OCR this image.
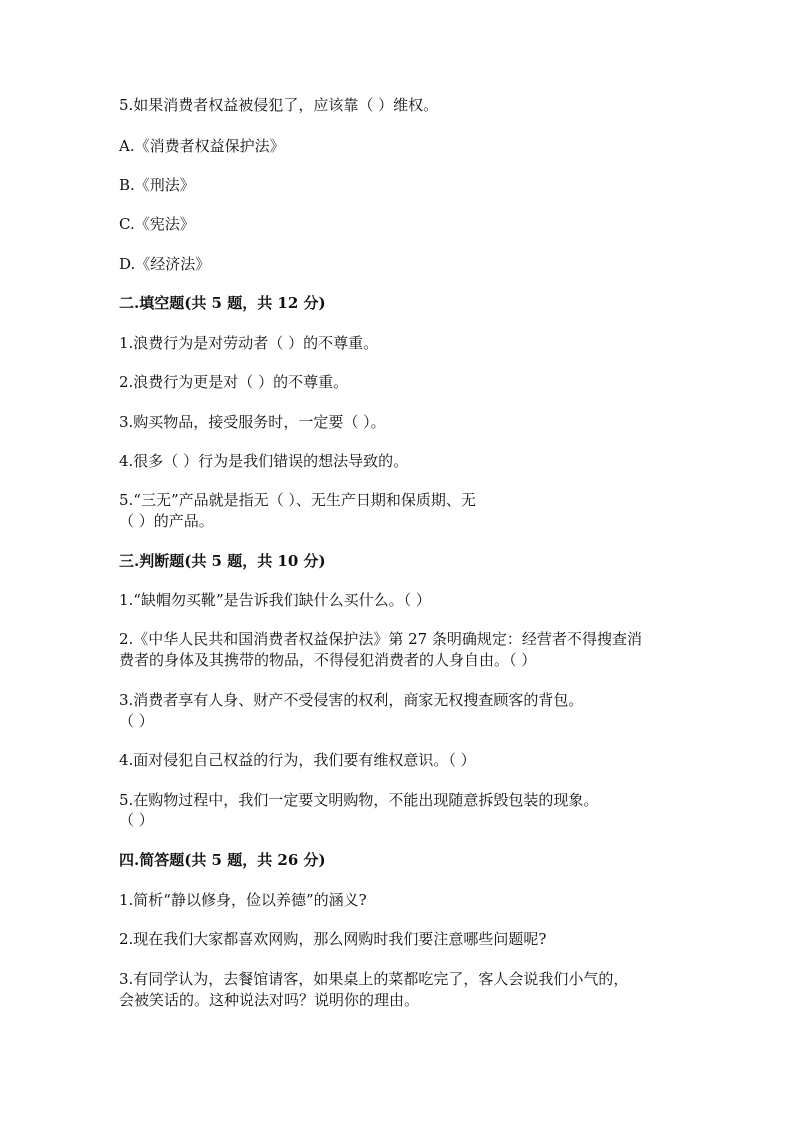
5.如果消费者权益被侵犯了，应该靠（ ）维权。
A.《消费者权益保护法》
B.《刑法》
C.《宪法》
D.《经济法》
二.填空题(共 5 题，共 12 分)
1.浪费行为是对劳动者（ ）的不尊重。
2.浪费行为更是对（ ）的不尊重。
3.购买物品，接受服务时，一定要（ ）。
4.很多（ ）行为是我们错误的想法导致的。
5.“三无”产品就是指无（ ）、无生产日期和保质期、无
（ ）的产品。
三.判断题(共 5 题，共 10 分)
1.“缺帽勿买靴”是告诉我们缺什么买什么。（ ）
2.《中华人民共和国消费者权益保护法》第 27 条明确规定：经营者不得搜查消
费者的身体及其携带的物品，不得侵犯消费者的人身自由。（ ）
3.消费者享有人身、财产不受侵害的权利，商家无权搜查顾客的背包。
（ ）
4.面对侵犯自己权益的行为，我们要有维权意识。（ ）
5.在购物过程中，我们一定要文明购物，不能出现随意拆毁包装的现象。
（ ）
四.简答题(共 5 题，共 26 分)
1.简析“静以修身，俭以养德”的涵义?
2.现在我们大家都喜欢网购，那么网购时我们要注意哪些问题呢?
3.有同学认为，去餐馆请客，如果桌上的菜都吃完了，客人会说我们小气的，
会被笑话的。这种说法对吗？说明你的理由。
